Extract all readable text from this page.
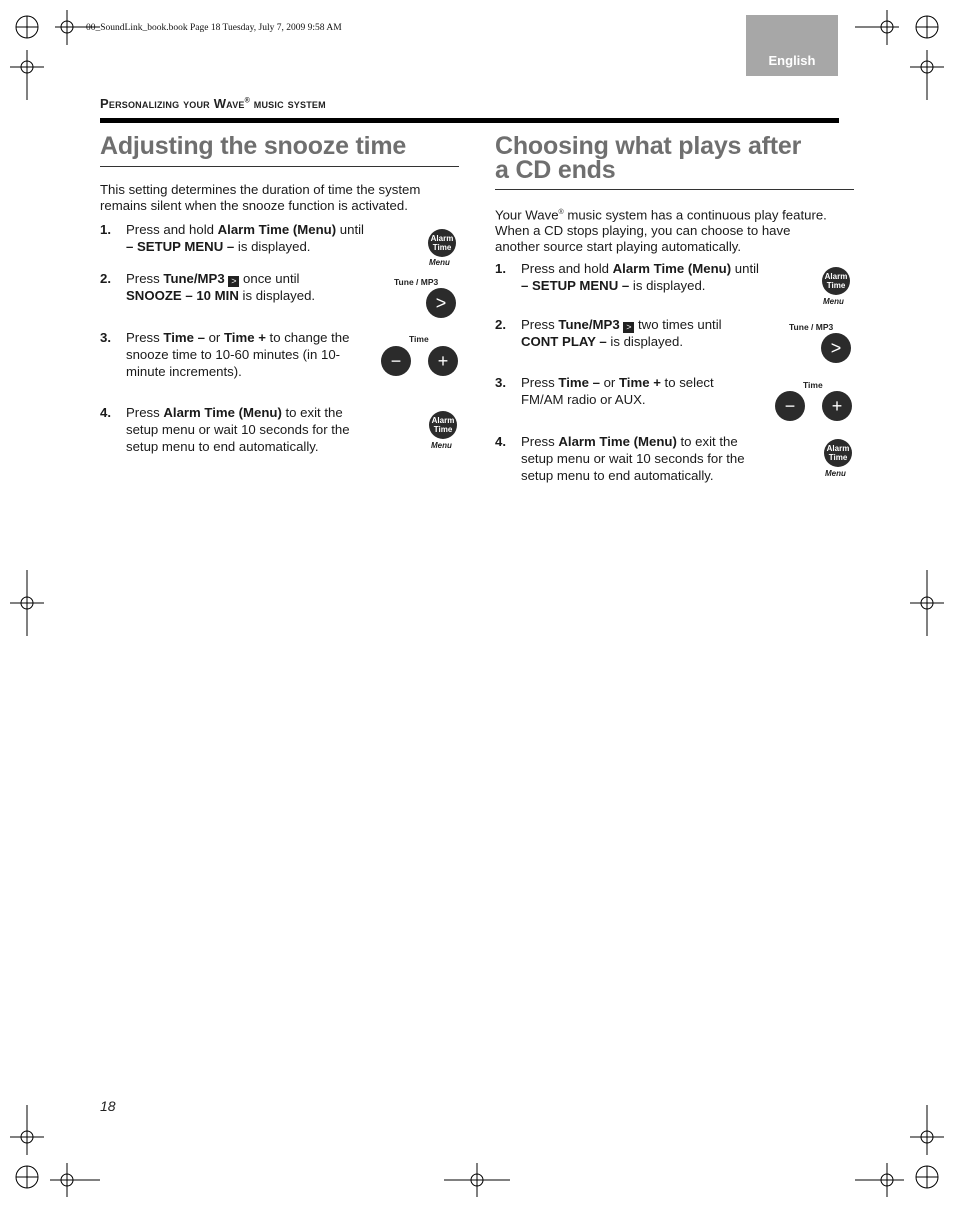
00_SoundLink_book.book Page 18 Tuesday, July 7, 2009 9:58 AM
English
Personalizing your Wave® music system
Adjusting the snooze time
This setting determines the duration of time the system
remains silent when the snooze function is activated.
1. Press and hold Alarm Time (Menu) until
– SETUP MENU – is displayed.
2. Press Tune/MP3 > once until
SNOOZE – 10 MIN is displayed.
3. Press Time – or Time + to change the
snooze time to 10-60 minutes (in 10-
minute increments).
4. Press Alarm Time (Menu) to exit the
setup menu or wait 10 seconds for the
setup menu to end automatically.
Alarm
Time
Menu
Tune / MP3
>
Time
−	+
Alarm
Time
Menu
Choosing what plays after
a CD ends
Your Wave® music system has a continuous play feature.
When a CD stops playing, you can choose to have
another source start playing automatically.
1. Press and hold Alarm Time (Menu) until
– SETUP MENU – is displayed.
2. Press Tune/MP3 > two times until
CONT PLAY – is displayed.
3. Press Time – or Time + to select
FM/AM radio or AUX.
4. Press Alarm Time (Menu) to exit the
setup menu or wait 10 seconds for the
setup menu to end automatically.
Alarm
Time
Menu
Tune / MP3
>
Time
−	+
Alarm
Time
Menu
18
